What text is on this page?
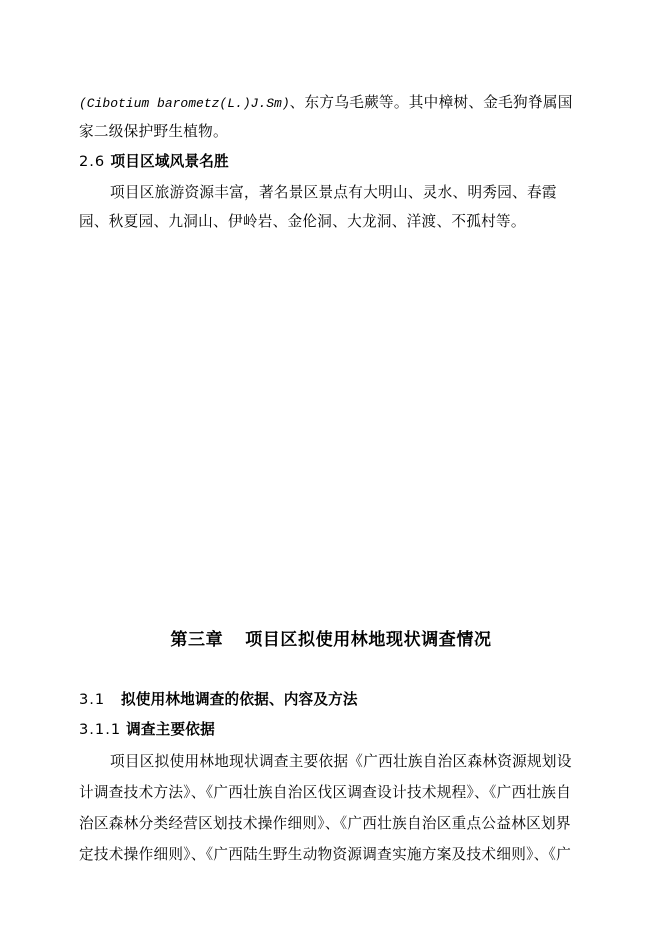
(Cibotium barometz(L.)J.Sm)、东方乌毛蕨等。其中樟树、金毛狗脊属国
家二级保护野生植物。
2.6 项目区域风景名胜
项目区旅游资源丰富，著名景区景点有大明山、灵水、明秀园、春霞
园、秋夏园、九洞山、伊岭岩、金伦洞、大龙洞、洋渡、不孤村等。
第三章 项目区拟使用林地现状调查情况
3.1 拟使用林地调查的依据、内容及方法
3.1.1 调查主要依据
项目区拟使用林地现状调查主要依据《广西壮族自治区森林资源规划设
计调查技术方法》、《广西壮族自治区伐区调查设计技术规程》、《广西壮族自
治区森林分类经营区划技术操作细则》、《广西壮族自治区重点公益林区划界
定技术操作细则》、《广西陆生野生动物资源调查实施方案及技术细则》、《广
